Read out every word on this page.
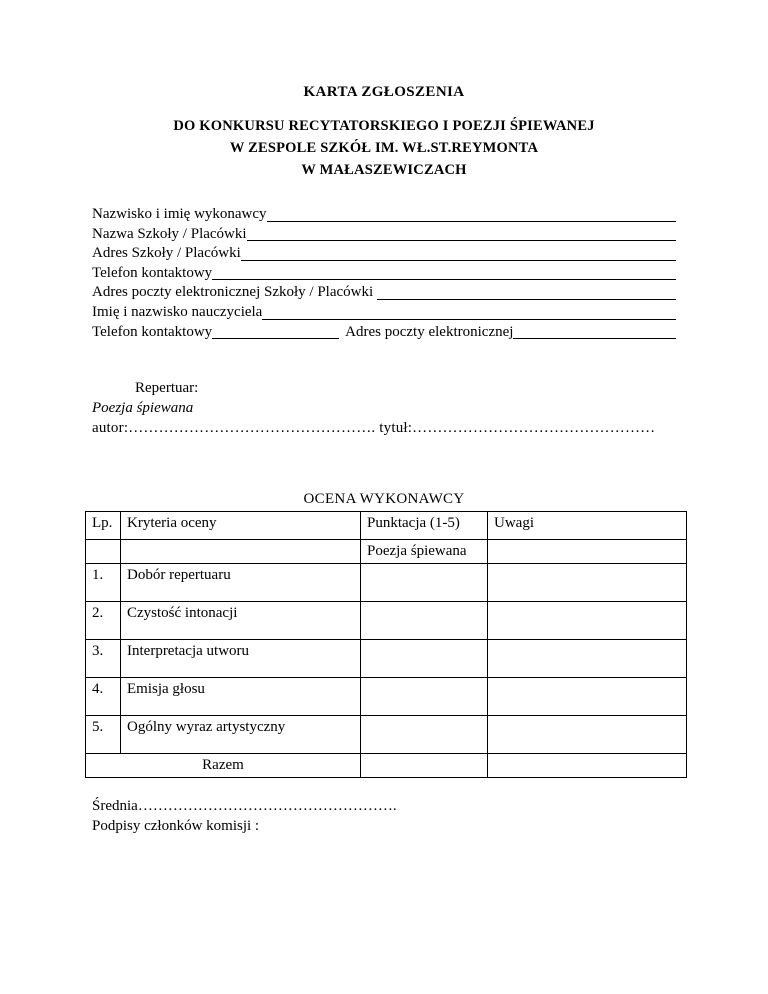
KARTA ZGŁOSZENIA
DO KONKURSU RECYTATORSKIEGO I POEZJI ŚPIEWANEJ
W ZESPOLE SZKÓŁ IM. WŁ.ST.REYMONTA
W MAŁASZEWICZACH
Nazwisko i imię wykonawcy
Nazwa Szkoły / Placówki
Adres Szkoły / Placówki
Telefon kontaktowy
Adres poczty elektronicznej Szkoły / Placówki
Imię i nazwisko nauczyciela
Telefon kontaktowy	Adres poczty elektronicznej
Repertuar:
Poezja śpiewana
autor:…………………………………………. tytuł:…………………………………………
OCENA WYKONAWCY
Lp.	Kryteria oceny	Punktacja (1-5)	Uwagi
		Poezja śpiewana	
1.	Dobór repertuaru		
2.	Czystość intonacji		
3.	Interpretacja utworu		
4.	Emisja głosu		
5.	Ogólny wyraz artystyczny		
Razem			
Średnia…………………………………………….
Podpisy członków komisji :
